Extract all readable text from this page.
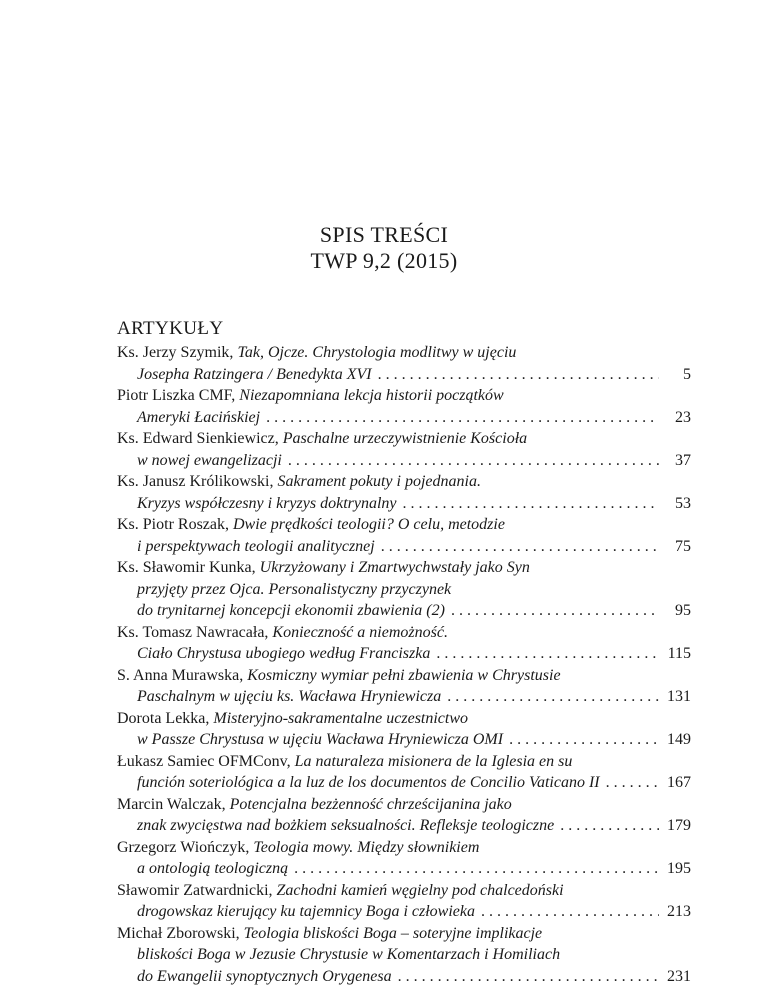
SPIS TREŚCI
TWP 9,2 (2015)
ARTYKUŁY
Ks. Jerzy Szymik, Tak, Ojcze. Chrystologia modlitwy w ujęciu
Josepha Ratzingera / Benedykta XVI . . .	5
Piotr Liszka CMF, Niezapomniana lekcja historii początków
Ameryki Łacińskiej . . .	23
Ks. Edward Sienkiewicz, Paschalne urzeczywistnienie Kościoła
w nowej ewangelizacji . . .	37
Ks. Janusz Królikowski, Sakrament pokuty i pojednania.
Kryzys współczesny i kryzys doktrynalny . . .	53
Ks. Piotr Roszak, Dwie prędkości teologii? O celu, metodzie
i perspektywach teologii analitycznej . . .	75
Ks. Sławomir Kunka, Ukrzyżowany i Zmartwychwstały jako Syn
przyjęty przez Ojca. Personalistyczny przyczynek
do trynitarnej koncepcji ekonomii zbawienia (2) . . .	95
Ks. Tomasz Nawracała, Konieczność a niemożność.
Ciało Chrystusa ubogiego według Franciszka . . .	115
S. Anna Murawska, Kosmiczny wymiar pełni zbawienia w Chrystusie
Paschalnym w ujęciu ks. Wacława Hryniewicza . . .	131
Dorota Lekka, Misteryjno-sakramentalne uczestnictwo
w Passze Chrystusa w ujęciu Wacława Hryniewicza OMI . . .	149
Łukasz Samiec OFMConv, La naturaleza misionera de la Iglesia en su
función soteriológica a la luz de los documentos de Concilio Vaticano II . . .	167
Marcin Walczak, Potencjalna bezżenność chrześcijanina jako
znak zwycięstwa nad bożkiem seksualności. Refleksje teologiczne . . .	179
Grzegorz Wiończyk, Teologia mowy. Między słownikiem
a ontologią teologiczną . . .	195
Sławomir Zatwardnicki, Zachodni kamień węgielny pod chalcedoński
drogowskaz kierujący ku tajemnicy Boga i człowieka . . .	213
Michał Zborowski, Teologia bliskości Boga – soteryjne implikacje
bliskości Boga w Jezusie Chrystusie w Komentarzach i Homiliach
do Ewangelii synoptycznych Orygenesa . . .	231
